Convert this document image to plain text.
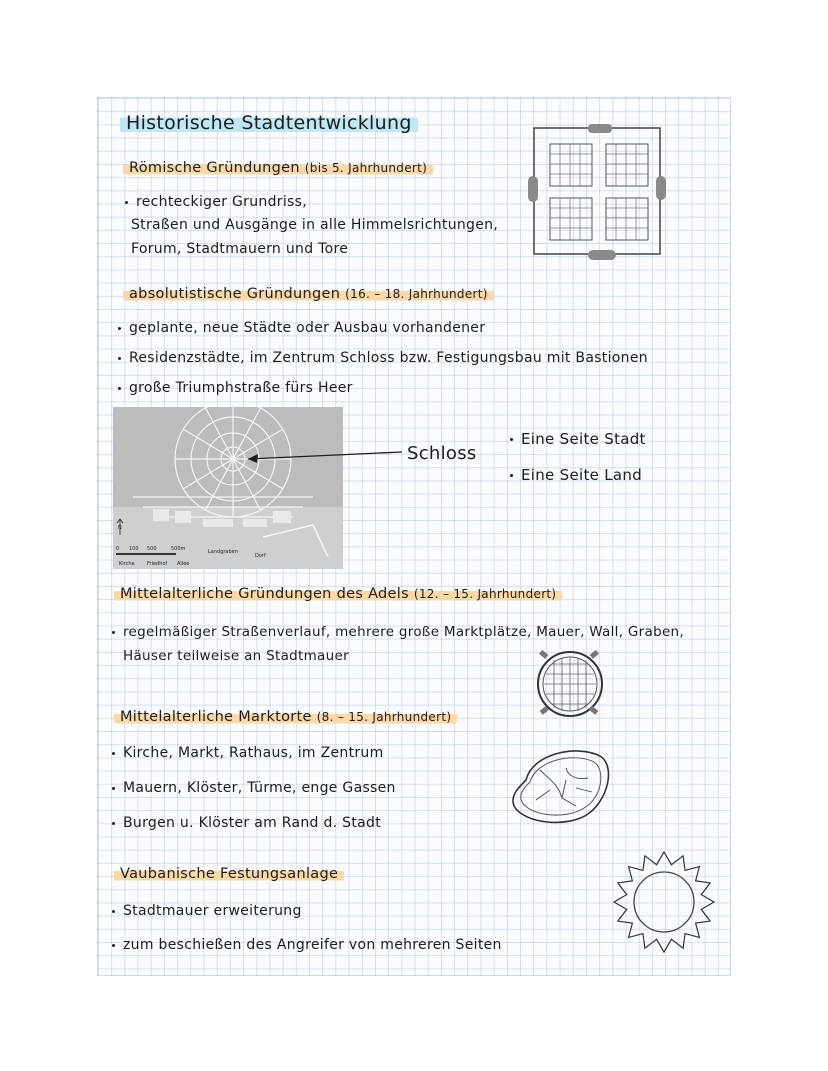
Historische Stadtentwicklung
Römische Gründungen (bis 5. Jahrhundert)
rechteckiger Grundriss,
Straßen und Ausgänge in alle Himmelsrichtungen,
Forum, Stadtmauern und Tore
absolutistische Gründungen (16. – 18. Jahrhundert)
geplante, neue Städte oder Ausbau vorhandener
Residenzstädte, im Zentrum Schloss bzw. Festigungsbau mit Bastionen
große Triumphstraße fürs Heer
0 100 500	500m
Kirche Friedhof Allee
Landgraben
Dorf
N
Schloss
Eine Seite Stadt
Eine Seite Land
Mittelalterliche Gründungen des Adels (12. – 15. Jahrhundert)
regelmäßiger Straßenverlauf, mehrere große Marktplätze, Mauer, Wall, Graben,
Häuser teilweise an Stadtmauer
Mittelalterliche Marktorte (8. – 15. Jahrhundert)
Kirche, Markt, Rathaus, im Zentrum
Mauern, Klöster, Türme, enge Gassen
Burgen u. Klöster am Rand d. Stadt
Vaubanische Festungsanlage
Stadtmauer erweiterung
zum beschießen des Angreifer von mehreren Seiten
